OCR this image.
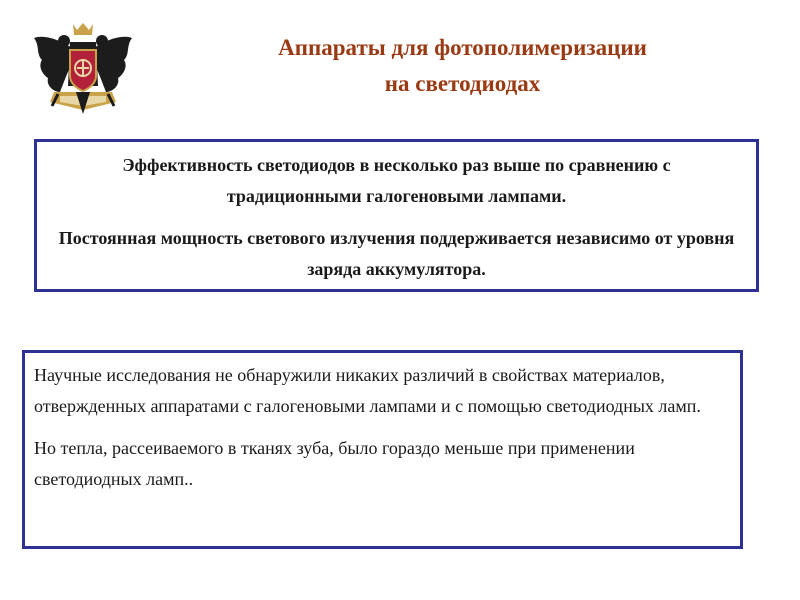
Аппараты для фотополимеризации
на светодиодах

Эффективность светодиодов в несколько раз выше по сравнению с традиционными галогеновыми лампами.

Постоянная мощность светового излучения поддерживается независимо от уровня заряда аккумулятора.

Научные исследования не обнаружили никаких различий в свойствах материалов, отвержденных аппаратами с галогеновыми лампами и с помощью светодиодных ламп.

Но тепла, рассеиваемого в тканях зуба, было гораздо меньше при применении светодиодных ламп..
